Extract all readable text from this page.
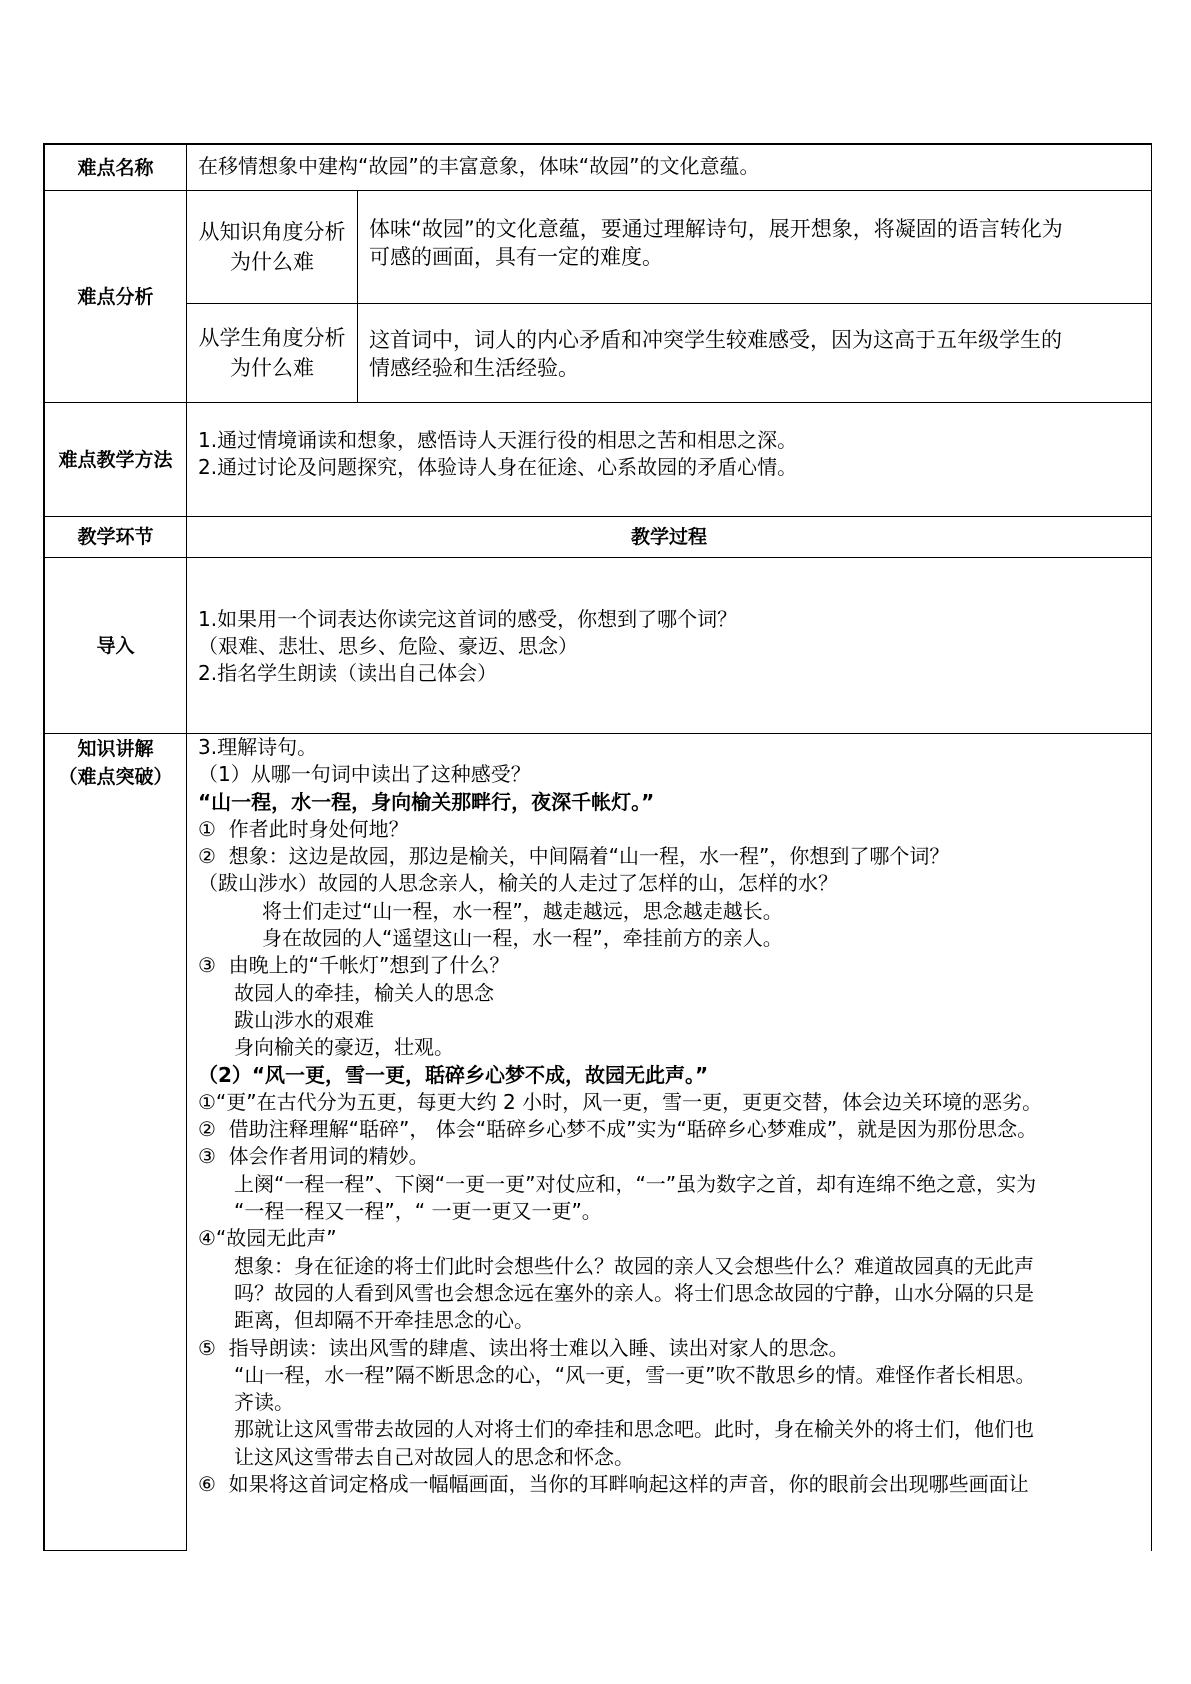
难点名称	在移情想象中建构“故园”的丰富意象，体味“故园”的文化意蕴。

难点分析
从知识角度分析
为什么难

体味“故园”的文化意蕴，要通过理解诗句，展开想象，将凝固的语言转化为

可感的画面，具有一定的难度。

从学生角度分析
为什么难

这首词中，词人的内心矛盾和冲突学生较难感受，因为这高于五年级学生的

情感经验和生活经验。

难点教学方法

1.通过情境诵读和想象，感悟诗人天涯行役的相思之苦和相思之深。

2.通过讨论及问题探究，体验诗人身在征途、心系故园的矛盾心情。

教学环节	教学过程
导入

1.如果用一个词表达你读完这首词的感受，你想到了哪个词？

（艰难、悲壮、思乡、危险、豪迈、思念）

2.指名学生朗读（读出自己体会）

知识讲解
（难点突破）

3.理解诗句。

（1）从哪一句词中读出了这种感受？

“山一程，水一程，身向榆关那畔行，夜深千帐灯。”

①  作者此时身处何地？

②  想象：这边是故园，那边是榆关，中间隔着“山一程，水一程”，你想到了哪个词？

（跋山涉水）故园的人思念亲人，榆关的人走过了怎样的山，怎样的水？

将士们走过“山一程，水一程”，越走越远，思念越走越长。

身在故园的人“遥望这山一程，水一程”，牵挂前方的亲人。

③  由晚上的“千帐灯”想到了什么？

故园人的牵挂，榆关人的思念

跋山涉水的艰难

身向榆关的豪迈，壮观。

（2）“风一更，雪一更，聒碎乡心梦不成，故园无此声。”

①“更”在古代分为五更，每更大约 2 小时，风一更，雪一更，更更交替，体会边关环境的恶劣。

②  借助注释理解“聒碎”， 体会“聒碎乡心梦不成”实为“聒碎乡心梦难成”，就是因为那份思念。

③  体会作者用词的精妙。

上阕“一程一程”、下阕“一更一更”对仗应和，“一”虽为数字之首，却有连绵不绝之意，实为

“一程一程又一程”，“ 一更一更又一更”。

④“故园无此声”

想象：身在征途的将士们此时会想些什么？故园的亲人又会想些什么？难道故园真的无此声

吗？故园的人看到风雪也会想念远在塞外的亲人。将士们思念故园的宁静，山水分隔的只是

距离，但却隔不开牵挂思念的心。

⑤  指导朗读：读出风雪的肆虐、读出将士难以入睡、读出对家人的思念。

“山一程，水一程”隔不断思念的心，“风一更，雪一更”吹不散思乡的情。难怪作者长相思。

齐读。

那就让这风雪带去故园的人对将士们的牵挂和思念吧。此时，身在榆关外的将士们，他们也

让这风这雪带去自己对故园人的思念和怀念。

⑥  如果将这首词定格成一幅幅画面，当你的耳畔响起这样的声音，你的眼前会出现哪些画面让
